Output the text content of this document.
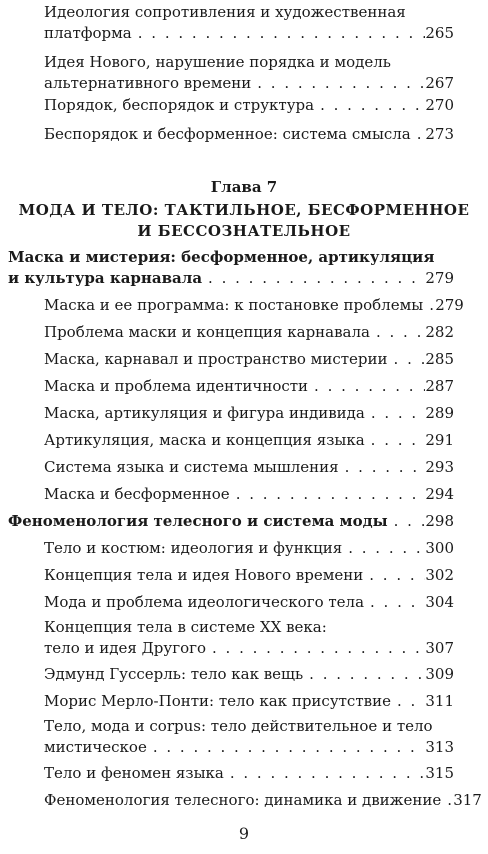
Идеология сопротивления и художественная
платформа . . .	265
Идея Нового, нарушение порядка и модель
альтернативного времени . . .	267
Порядок, беспорядок и структура . . .	270
Беспорядок и бесформенное: система смысла . . . 273
Глава 7
МОДА И ТЕЛО: ТАКТИЛЬНОЕ, БЕСФОРМЕННОЕ
И БЕССОЗНАТЕЛЬНОЕ
Маска и мистерия: бесформенное, артикуляция
и культура карнавала . . .	279
Маска и ее программа: к постановке проблемы . . . 279
Проблема маски и концепция карнавала . . .	282
Маска, карнавал и пространство мистерии . . .	285
Маска и проблема идентичности . . .	287
Маска, артикуляция и фигура индивида . . .	289
Артикуляция, маска и концепция языка . . .	291
Система языка и система мышления . . .	293
Маска и бесформенное . . .	294
Феноменология телесного и система моды . . .	298
Тело и костюм: идеология и функция . . .	300
Концепция тела и идея Нового времени . . .	302
Мода и проблема идеологического тела . . .	304
Концепция тела в системе XX века:
тело и идея Другого . . .	307
Эдмунд Гуссерль: тело как вещь . . .	309
Морис Мерло-Понти: тело как присутствие . . . 311
Тело, мода и corpus: тело действительное и тело
мистическое . . .	313
Тело и феномен языка . . .	315
Феноменология телесного: динамика и движение . . . 317
9
